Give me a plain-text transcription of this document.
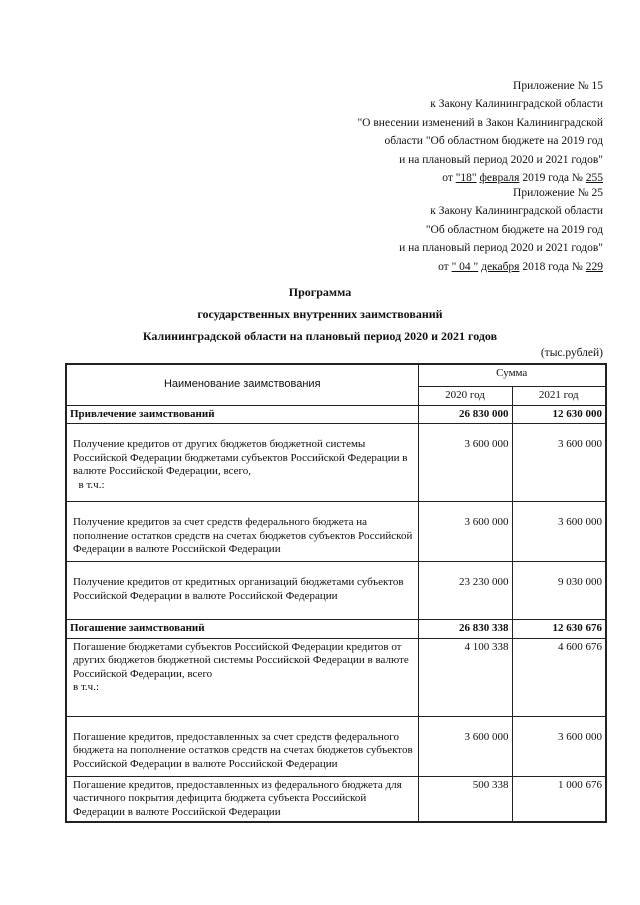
Приложение № 15
к Закону Калининградской области
"О внесении изменений в Закон Калининградской
области "Об областном бюджете на 2019 год
и на плановый период 2020 и 2021 годов"
от "18" февраля 2019 года № 255
Приложение № 25
к Закону Калининградской области
"Об областном бюджете на 2019 год
и на плановый период 2020 и 2021 годов"
от " 04 " декабря 2018 года № 229
Программа
государственных внутренних заимствований
Калининградской области на плановый период 2020 и 2021 годов
(тыс.рублей)
Наименование заимствования	Сумма	
	2020 год	2021 год
Привлечение заимствований	26 830 000	12 630 000
Получение кредитов от других бюджетов бюджетной системы Российской Федерации бюджетами субъектов Российской Федерации в валюте Российской Федерации, всего,
в т.ч.:	3 600 000	3 600 000
Получение кредитов за счет средств федерального бюджета на пополнение остатков средств на счетах бюджетов субъектов Российской Федерации в валюте Российской Федерации	3 600 000	3 600 000
Получение кредитов от кредитных организаций бюджетами субъектов Российской Федерации в валюте Российской Федерации	23 230 000	9 030 000
Погашение заимствований	26 830 338	12 630 676
Погашение бюджетами субъектов Российской Федерации кредитов от других бюджетов бюджетной системы Российской Федерации в валюте Российской Федерации, всего
в т.ч.:	4 100 338	4 600 676
Погашение кредитов, предоставленных за счет средств федерального бюджета на пополнение остатков средств на счетах бюджетов субъектов Российской Федерации в валюте Российской Федерации	3 600 000	3 600 000
Погашение кредитов, предоставленных из федерального бюджета для частичного покрытия дефицита бюджета субъекта Российской Федерации в валюте Российской Федерации	500 338	1 000 676
